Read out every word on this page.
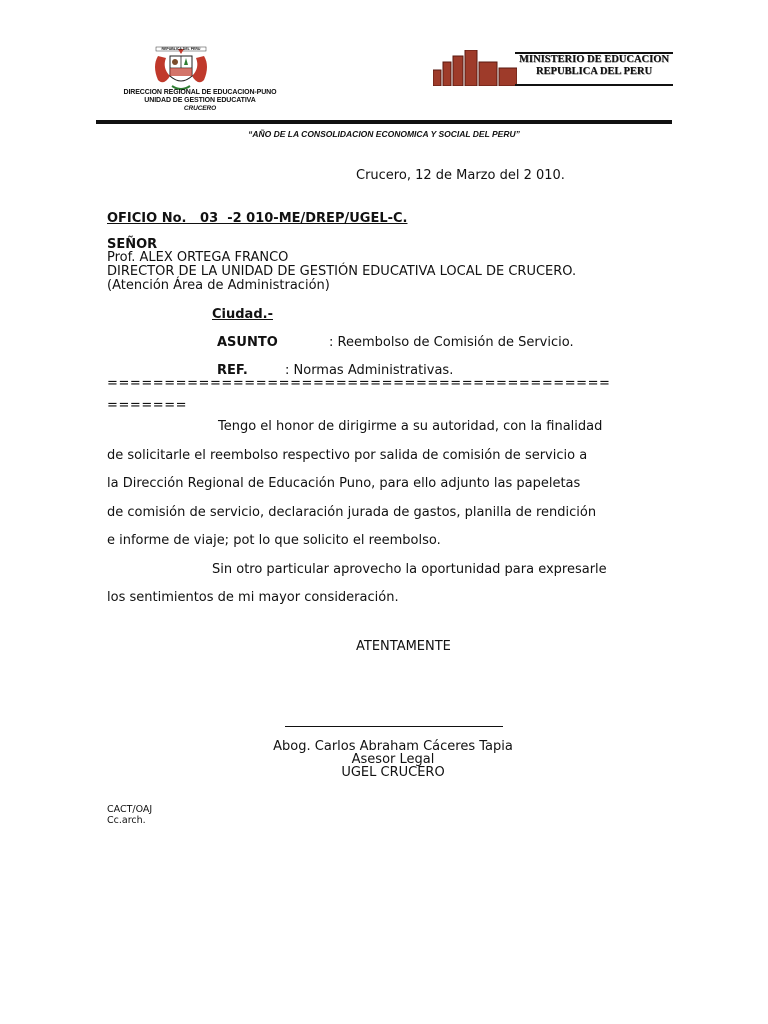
REPUBLICA DEL PERU
DIRECCION REGIONAL DE EDUCACION-PUNO
UNIDAD DE GESTION EDUCATIVA
CRUCERO
MINISTERIO DE EDUCACION
REPUBLICA DEL PERU
“AÑO DE LA CONSOLIDACION ECONOMICA Y SOCIAL DEL PERU”
Crucero, 12 de Marzo del 2 010.
OFICIO No.   03  -2 010-ME/DREP/UGEL-C.
SEÑOR
Prof. ALEX ORTEGA FRANCO
DIRECTOR DE LA UNIDAD DE GESTIÓN EDUCATIVA LOCAL DE CRUCERO.
(Atención Área de Administración)
Ciudad.-
ASUNTO	: Reembolso de Comisión de Servicio.
REF.	: Normas Administrativas.
============================================
=======
Tengo el honor de dirigirme a su autoridad, con la finalidad
de solicitarle el reembolso respectivo por salida de comisión de servicio a
la Dirección Regional de Educación Puno, para ello adjunto las papeletas
de comisión de servicio, declaración jurada de gastos, planilla de rendición
e informe de viaje; pot lo que solicito el reembolso.
Sin otro particular aprovecho la oportunidad para expresarle
los sentimientos de mi mayor consideración.
ATENTAMENTE
Abog. Carlos Abraham Cáceres Tapia
Asesor Legal
UGEL CRUCERO
CACT/OAJ
Cc.arch.
